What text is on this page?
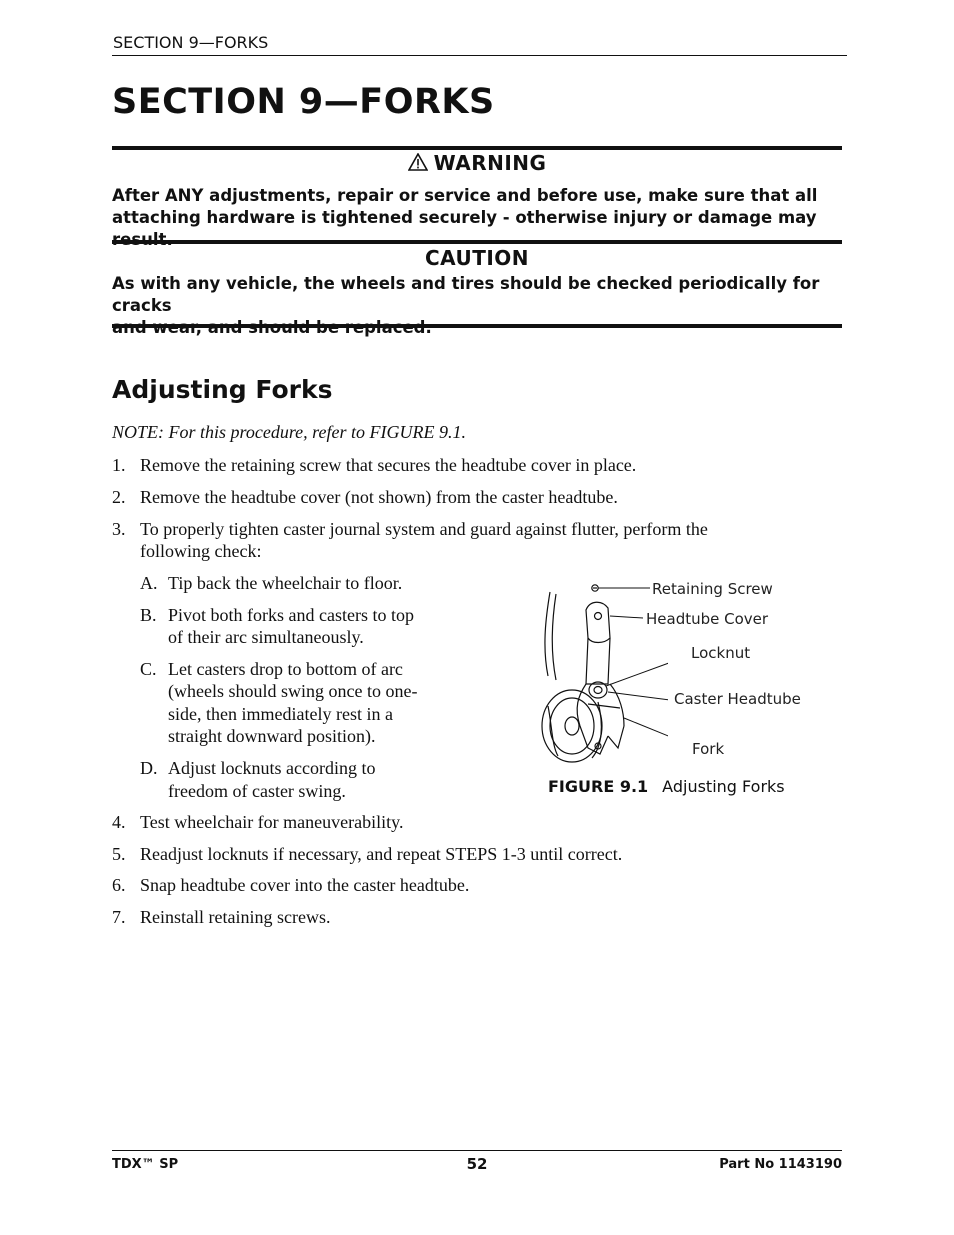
SECTION 9—FORKS
SECTION 9—FORKS
WARNING
After ANY adjustments, repair or service and before use, make sure that all
attaching hardware is tightened securely - otherwise injury or damage may
CAUTION
As with any vehicle, the wheels and tires should be checked periodically for cracks
Adjusting Forks
NOTE: For this procedure, refer to FIGURE 9.1.
1. Remove the retaining screw that secures the headtube cover in place.
2. Remove the headtube cover (not shown) from the caster headtube.
3. To properly tighten caster journal system and guard against flutter, perform the
following check:
A. Tip back the wheelchair to floor.
B. Pivot both forks and casters to top
of their arc simultaneously.
C. Let casters drop to bottom of arc
(wheels should swing once to one-
side, then immediately rest in a
straight downward position).
D. Adjust locknuts according to
freedom of caster swing.
4. Test wheelchair for maneuverability.
5. Readjust locknuts if necessary, and repeat STEPS 1-3 until correct.
6. Snap headtube cover into the caster headtube.
7. Reinstall retaining screws.
Retaining Screw
Headtube Cover
Locknut
Caster Headtube
Fork
FIGURE 9.1 Adjusting Forks
TDX™ SP	52	Part No 1143190
